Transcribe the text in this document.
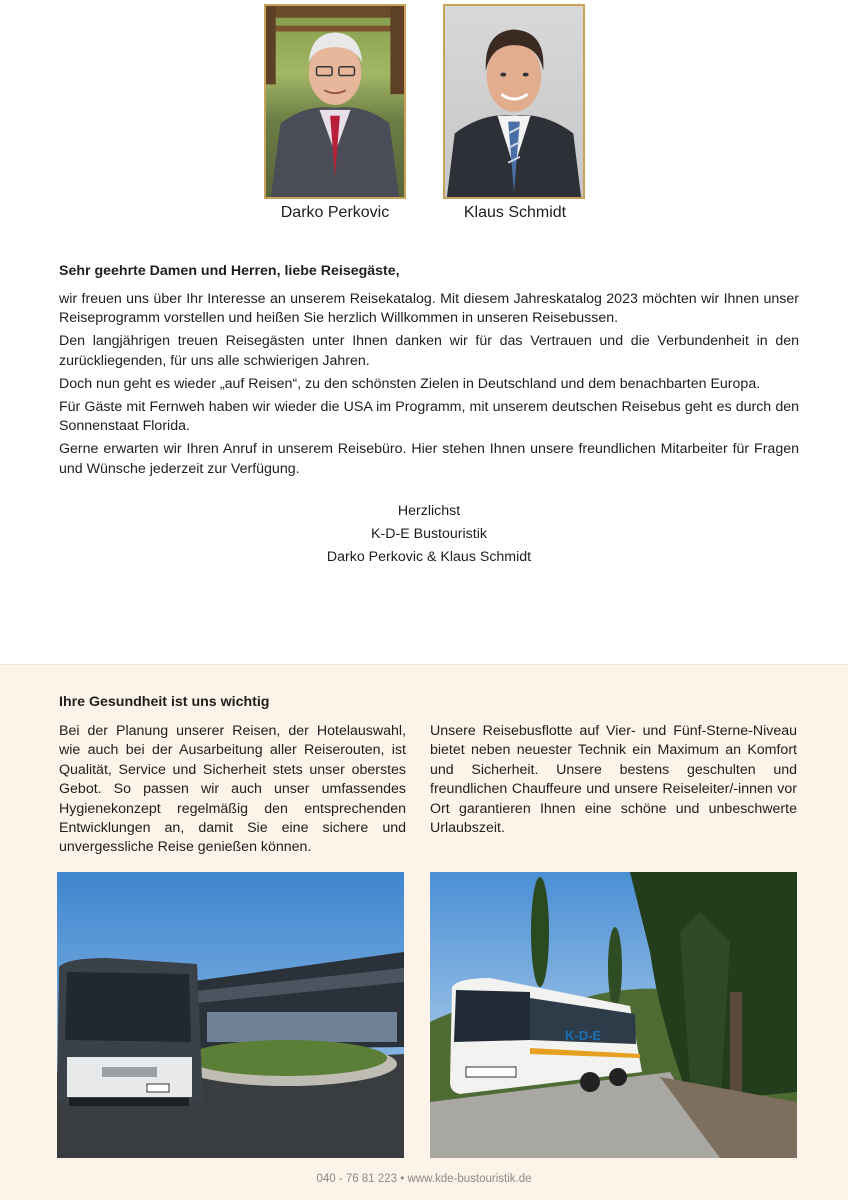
Darko Perkovic	Klaus Schmidt
Sehr geehrte Damen und Herren, liebe Reisegäste,

wir freuen uns über Ihr Interesse an unserem Reisekatalog. Mit diesem Jahreskatalog 2023 möchten wir Ihnen unser Reiseprogramm vorstellen und heißen Sie herzlich Willkommen in unseren Reisebussen.

Den langjährigen treuen Reisegästen unter Ihnen danken wir für das Vertrauen und die Verbundenheit in den zurückliegenden, für uns alle schwierigen Jahren.

Doch nun geht es wieder „auf Reisen“, zu den schönsten Zielen in Deutschland und dem benachbarten Europa.

Für Gäste mit Fernweh haben wir wieder die USA im Programm, mit unserem deutschen Reisebus geht es durch den Sonnenstaat Florida.

Gerne erwarten wir Ihren Anruf in unserem Reisebüro. Hier stehen Ihnen unsere freundlichen Mitarbeiter für Fragen und Wünsche jederzeit zur Verfügung.

Herzlichst
K-D-E Bustouristik
Darko Perkovic & Klaus Schmidt
Ihre Gesundheit ist uns wichtig
Bei der Planung unserer Reisen, der Hotelauswahl, wie auch bei der Ausarbeitung aller Reiserouten, ist Qualität, Service und Sicherheit stets unser oberstes Gebot. So passen wir auch unser umfassendes Hygienekonzept regelmäßig den entsprechenden Entwicklungen an, damit Sie eine sichere und unvergessliche Reise genießen können.
Unsere Reisebusflotte auf Vier- und Fünf-Sterne-Niveau bietet neben neuester Technik ein Maximum an Komfort und Sicherheit. Unsere bestens geschulten und freundlichen Chauffeure und unsere Reiseleiter/-innen vor Ort garantieren Ihnen eine schöne und unbeschwerte Urlaubszeit.
K-D-E
040 - 76 81 223 • www.kde-bustouristik.de
